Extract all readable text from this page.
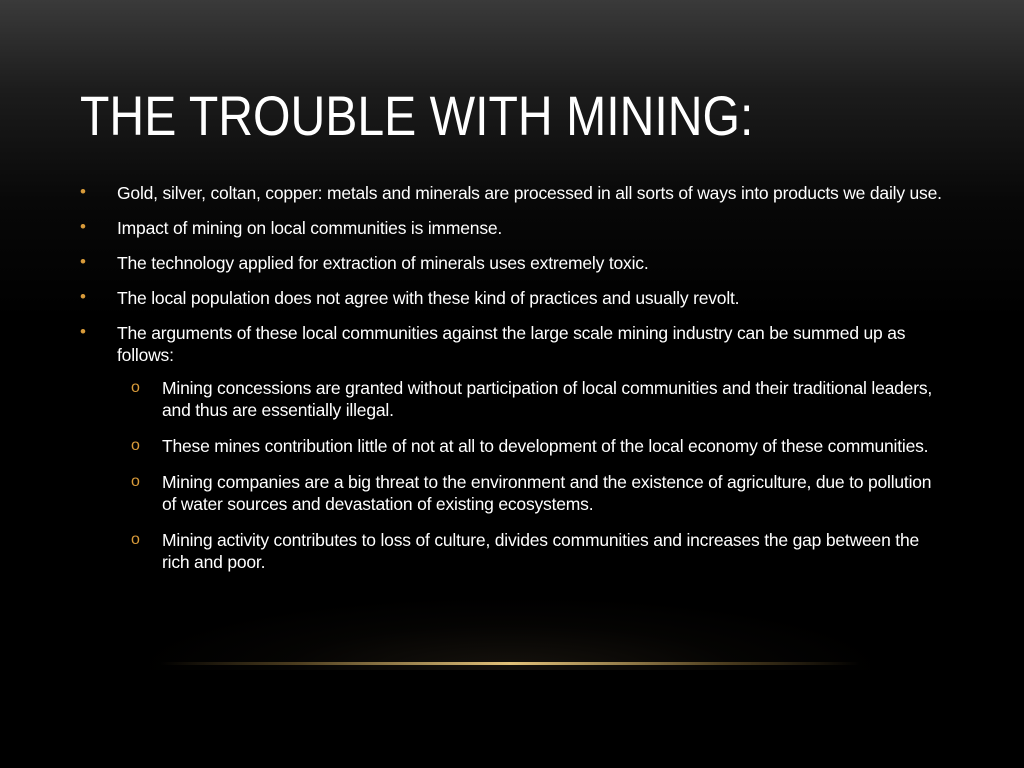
THE TROUBLE WITH MINING:
•	Gold, silver, coltan, copper: metals and minerals are processed in all sorts of ways into products we daily use.
•	Impact of mining on local communities is immense.
•	The technology applied for extraction of minerals uses extremely toxic.
•	The local population does not agree with these kind of practices and usually revolt.
•	The arguments of these local communities against the large scale mining industry can be summed up as follows:
o	Mining concessions are granted without participation of local communities and their traditional leaders, and thus are essentially illegal.
o	These mines contribution little of not at all to development of the local economy of these communities.
o	Mining companies are a big threat to the environment and the existence of agriculture, due to pollution of water sources and devastation of existing ecosystems.
o	Mining activity contributes to loss of culture, divides communities and increases the gap between the rich and poor.
